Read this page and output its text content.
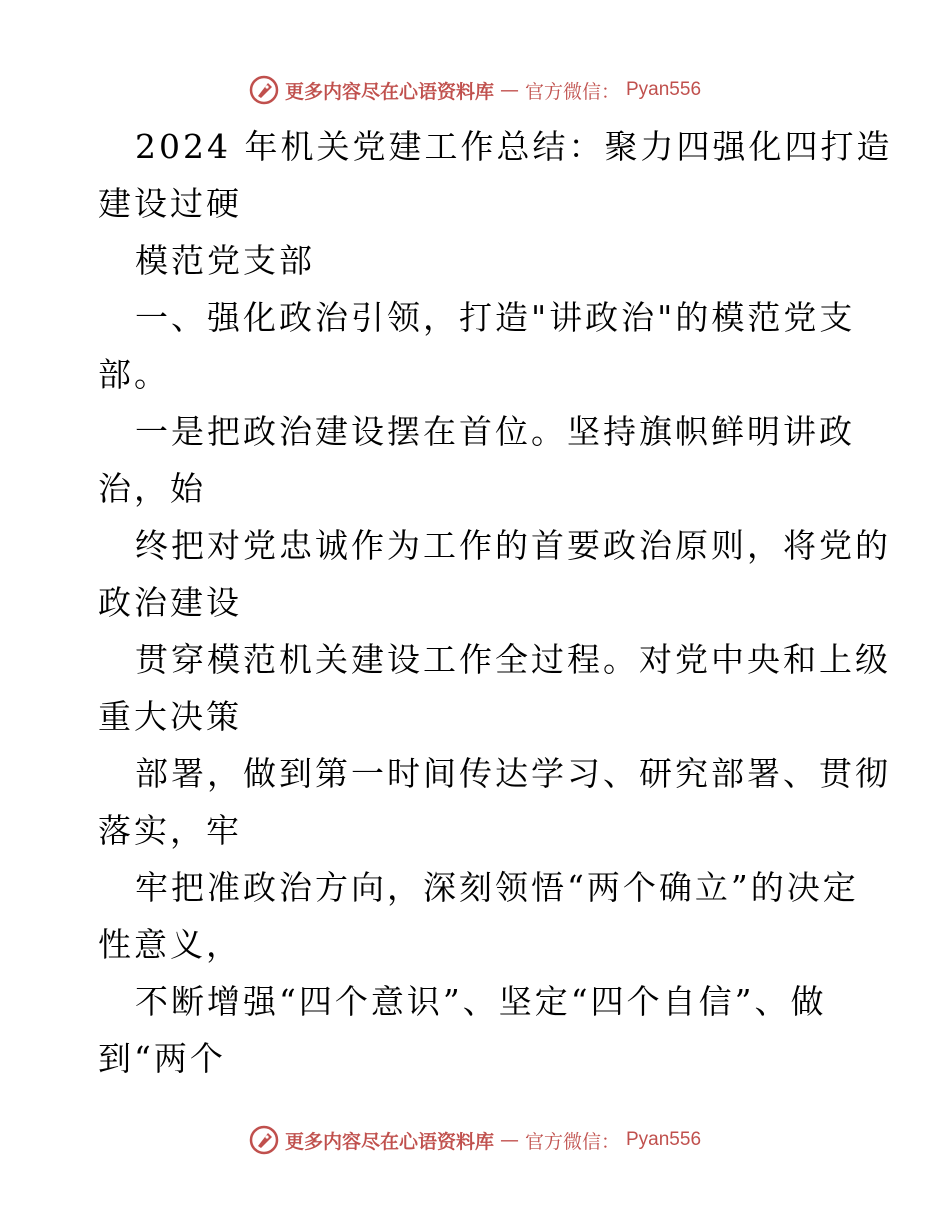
更多内容尽在心语资料库 — 官方微信： Pyan556
2024 年机关党建工作总结：聚力四强化四打造
建设过硬
模范党支部
一、强化政治引领，打造"讲政治"的模范党支
部。
一是把政治建设摆在首位。坚持旗帜鲜明讲政
治，始
终把对党忠诚作为工作的首要政治原则，将党的
政治建设
贯穿模范机关建设工作全过程。对党中央和上级
重大决策
部署，做到第一时间传达学习、研究部署、贯彻
落实，牢
牢把准政治方向，深刻领悟“两个确立”的决定
性意义，
不断增强“四个意识”、坚定“四个自信”、做
到“两个
更多内容尽在心语资料库 — 官方微信： Pyan556
